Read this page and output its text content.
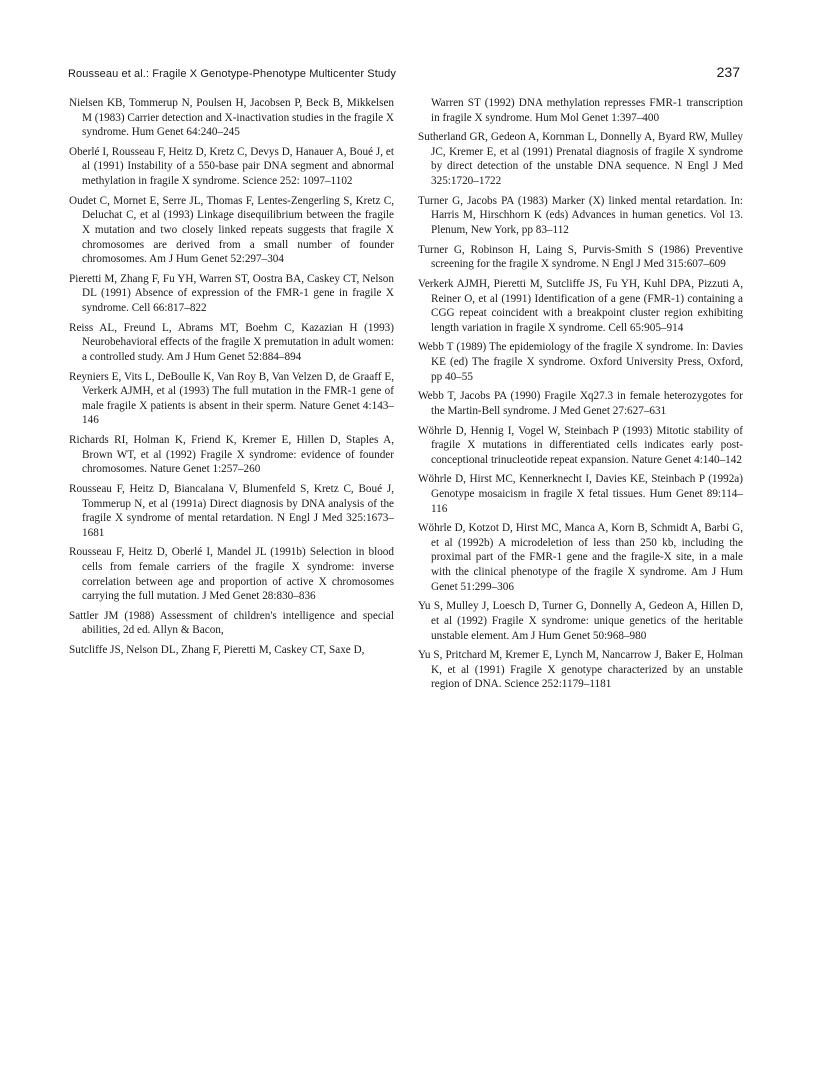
Rousseau et al.: Fragile X Genotype-Phenotype Multicenter Study	237

Nielsen KB, Tommerup N, Poulsen H, Jacobsen P, Beck B, Mikkelsen M (1983) Carrier detection and X-inactivation studies in the fragile X syndrome. Hum Genet 64:240–245

Oberlé I, Rousseau F, Heitz D, Kretz C, Devys D, Hanauer A, Boué J, et al (1991) Instability of a 550-base pair DNA segment and abnormal methylation in fragile X syndrome. Science 252: 1097–1102

Oudet C, Mornet E, Serre JL, Thomas F, Lentes-Zengerling S, Kretz C, Deluchat C, et al (1993) Linkage disequilibrium between the fragile X mutation and two closely linked repeats suggests that fragile X chromosomes are derived from a small number of founder chromosomes. Am J Hum Genet 52:297–304

Pieretti M, Zhang F, Fu YH, Warren ST, Oostra BA, Caskey CT, Nelson DL (1991) Absence of expression of the FMR-1 gene in fragile X syndrome. Cell 66:817–822

Reiss AL, Freund L, Abrams MT, Boehm C, Kazazian H (1993) Neurobehavioral effects of the fragile X premutation in adult women: a controlled study. Am J Hum Genet 52:884–894

Reyniers E, Vits L, DeBoulle K, Van Roy B, Van Velzen D, de Graaff E, Verkerk AJMH, et al (1993) The full mutation in the FMR-1 gene of male fragile X patients is absent in their sperm. Nature Genet 4:143–146

Richards RI, Holman K, Friend K, Kremer E, Hillen D, Staples A, Brown WT, et al (1992) Fragile X syndrome: evidence of founder chromosomes. Nature Genet 1:257–260

Rousseau F, Heitz D, Biancalana V, Blumenfeld S, Kretz C, Boué J, Tommerup N, et al (1991a) Direct diagnosis by DNA analysis of the fragile X syndrome of mental retardation. N Engl J Med 325:1673–1681

Rousseau F, Heitz D, Oberlé I, Mandel JL (1991b) Selection in blood cells from female carriers of the fragile X syndrome: inverse correlation between age and proportion of active X chromosomes carrying the full mutation. J Med Genet 28:830–836

Sattler JM (1988) Assessment of children's intelligence and special abilities, 2d ed. Allyn & Bacon,

Sutcliffe JS, Nelson DL, Zhang F, Pieretti M, Caskey CT, Saxe D,

Warren ST (1992) DNA methylation represses FMR-1 transcription in fragile X syndrome. Hum Mol Genet 1:397–400

Sutherland GR, Gedeon A, Kornman L, Donnelly A, Byard RW, Mulley JC, Kremer E, et al (1991) Prenatal diagnosis of fragile X syndrome by direct detection of the unstable DNA sequence. N Engl J Med 325:1720–1722

Turner G, Jacobs PA (1983) Marker (X) linked mental retardation. In: Harris M, Hirschhorn K (eds) Advances in human genetics. Vol 13. Plenum, New York, pp 83–112

Turner G, Robinson H, Laing S, Purvis-Smith S (1986) Preventive screening for the fragile X syndrome. N Engl J Med 315:607–609

Verkerk AJMH, Pieretti M, Sutcliffe JS, Fu YH, Kuhl DPA, Pizzuti A, Reiner O, et al (1991) Identification of a gene (FMR-1) containing a CGG repeat coincident with a breakpoint cluster region exhibiting length variation in fragile X syndrome. Cell 65:905–914

Webb T (1989) The epidemiology of the fragile X syndrome. In: Davies KE (ed) The fragile X syndrome. Oxford University Press, Oxford, pp 40–55

Webb T, Jacobs PA (1990) Fragile Xq27.3 in female heterozygotes for the Martin-Bell syndrome. J Med Genet 27:627–631

Wöhrle D, Hennig I, Vogel W, Steinbach P (1993) Mitotic stability of fragile X mutations in differentiated cells indicates early post-conceptional trinucleotide repeat expansion. Nature Genet 4:140–142

Wöhrle D, Hirst MC, Kennerknecht I, Davies KE, Steinbach P (1992a) Genotype mosaicism in fragile X fetal tissues. Hum Genet 89:114–116

Wöhrle D, Kotzot D, Hirst MC, Manca A, Korn B, Schmidt A, Barbi G, et al (1992b) A microdeletion of less than 250 kb, including the proximal part of the FMR-1 gene and the fragile-X site, in a male with the clinical phenotype of the fragile X syndrome. Am J Hum Genet 51:299–306

Yu S, Mulley J, Loesch D, Turner G, Donnelly A, Gedeon A, Hillen D, et al (1992) Fragile X syndrome: unique genetics of the heritable unstable element. Am J Hum Genet 50:968–980

Yu S, Pritchard M, Kremer E, Lynch M, Nancarrow J, Baker E, Holman K, et al (1991) Fragile X genotype characterized by an unstable region of DNA. Science 252:1179–1181
